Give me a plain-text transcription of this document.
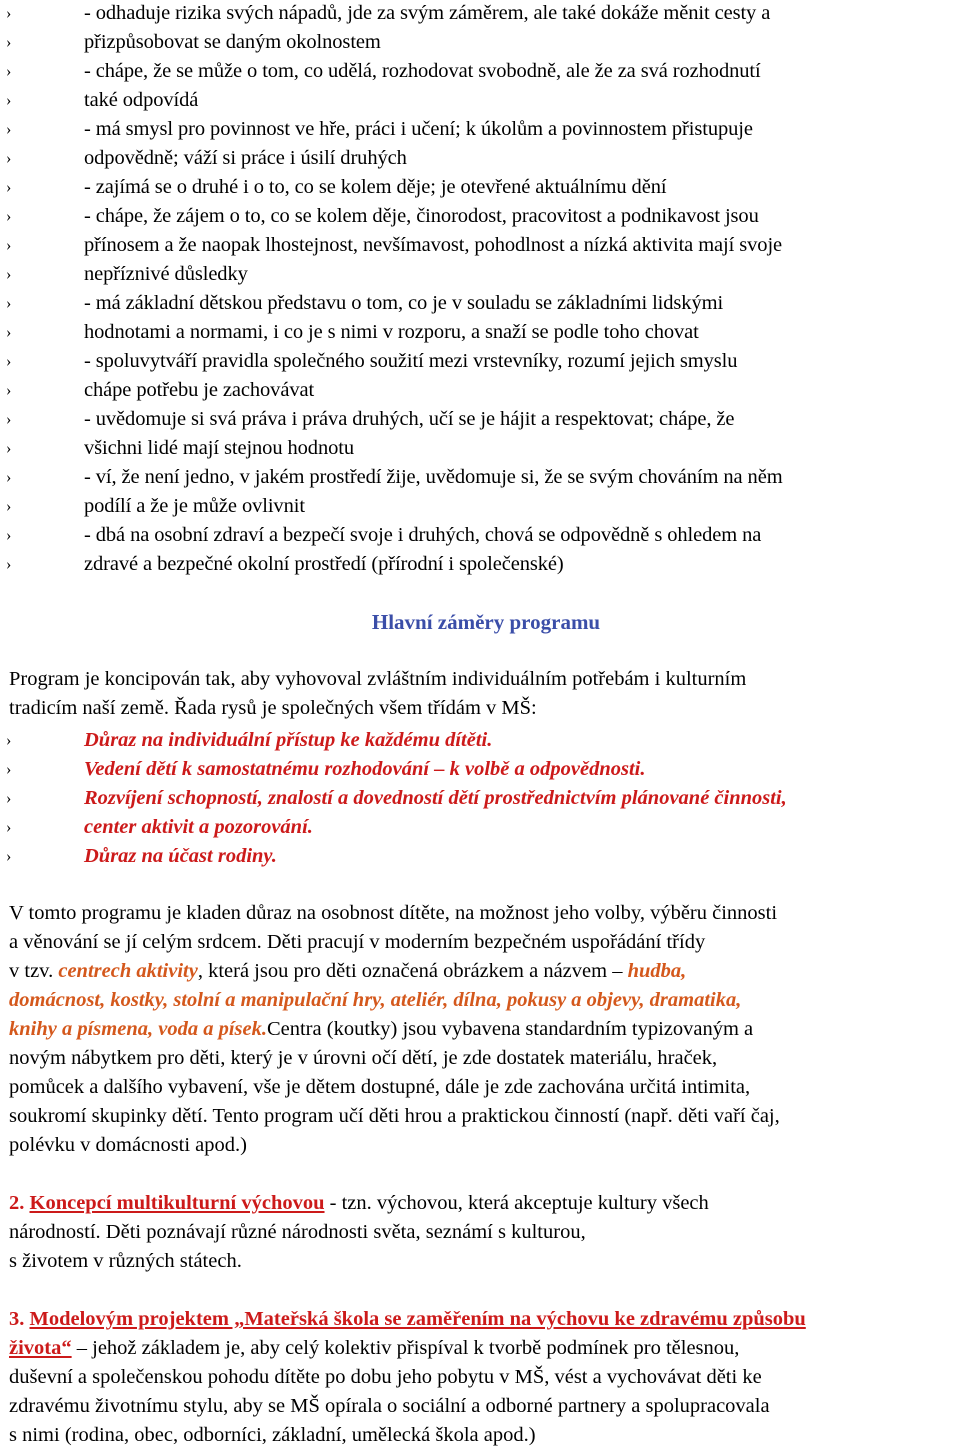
›	- odhaduje rizika svých nápadů, jde za svým záměrem, ale také dokáže měnit cesty a
›	přizpůsobovat se daným okolnostem
›	- chápe, že se může o tom, co udělá, rozhodovat svobodně, ale že za svá rozhodnutí
›	také odpovídá
›	- má smysl pro povinnost ve hře, práci i učení; k úkolům a povinnostem přistupuje
›	odpovědně; váží si práce i úsilí druhých
›	- zajímá se o druhé i o to, co se kolem děje; je otevřené aktuálnímu dění
›	- chápe, že zájem o to, co se kolem děje, činorodost, pracovitost a podnikavost jsou
›	přínosem a že naopak lhostejnost, nevšímavost, pohodlnost a nízká aktivita mají svoje
›	nepříznivé důsledky
›	- má základní dětskou představu o tom, co je v souladu se základními lidskými
›	hodnotami a normami, i co je s nimi v rozporu, a snaží se podle toho chovat
›	- spoluvytváří pravidla společného soužití mezi vrstevníky, rozumí jejich smyslu
›	chápe potřebu je zachovávat
›	- uvědomuje si svá práva i práva druhých, učí se je hájit a respektovat; chápe, že
›	všichni lidé mají stejnou hodnotu
›	- ví, že není jedno, v jakém prostředí žije, uvědomuje si, že se svým chováním na něm
›	podílí a že je může ovlivnit
›	- dbá na osobní zdraví a bezpečí svoje i druhých, chová se odpovědně s ohledem na
›	zdravé a bezpečné okolní prostředí (přírodní i společenské)
Hlavní záměry programu
Program je koncipován tak, aby vyhovoval zvláštním individuálním potřebám i kulturním
tradicím naší země. Řada rysů je společných všem třídám v MŠ:
›	Důraz na individuální přístup ke každému dítěti.
›	Vedení dětí k samostatnému rozhodování – k volbě a odpovědnosti.
›	Rozvíjení schopností, znalostí a dovedností dětí prostřednictvím plánované činnosti,
›	center aktivit a pozorování.
›	Důraz na účast rodiny.
V tomto programu je kladen důraz na osobnost dítěte, na možnost jeho volby, výběru činnosti
a věnování se jí celým srdcem. Děti pracují v moderním bezpečném uspořádání třídy
v tzv. centrech aktivity, která jsou pro děti označená obrázkem a názvem – hudba,
domácnost, kostky, stolní a manipulační hry, ateliér, dílna, pokusy a objevy, dramatika,
knihy a písmena, voda a písek.Centra (koutky) jsou vybavena standardním typizovaným a
novým nábytkem pro děti, který je v úrovni očí dětí, je zde dostatek materiálu, hraček,
pomůcek a dalšího vybavení, vše je dětem dostupné, dále je zde zachována určitá intimita,
soukromí skupinky dětí. Tento program učí děti hrou a praktickou činností (např. děti vaří čaj,
polévku v domácnosti apod.)
2. Koncepcí multikulturní výchovou - tzn. výchovou, která akceptuje kultury všech
národností. Děti poznávají různé národnosti světa, seznámí s kulturou,
s životem v různých státech.
3. Modelovým projektem „Mateřská škola se zaměřením na výchovu ke zdravému způsobu
života“ – jehož základem je, aby celý kolektiv přispíval k tvorbě podmínek pro tělesnou,
duševní a společenskou pohodu dítěte po dobu jeho pobytu v MŠ, vést a vychovávat děti ke
zdravému životnímu stylu, aby se MŠ opírala o sociální a odborné partnery a spolupracovala
s nimi (rodina, obec, odborníci, základní, umělecká škola apod.)
